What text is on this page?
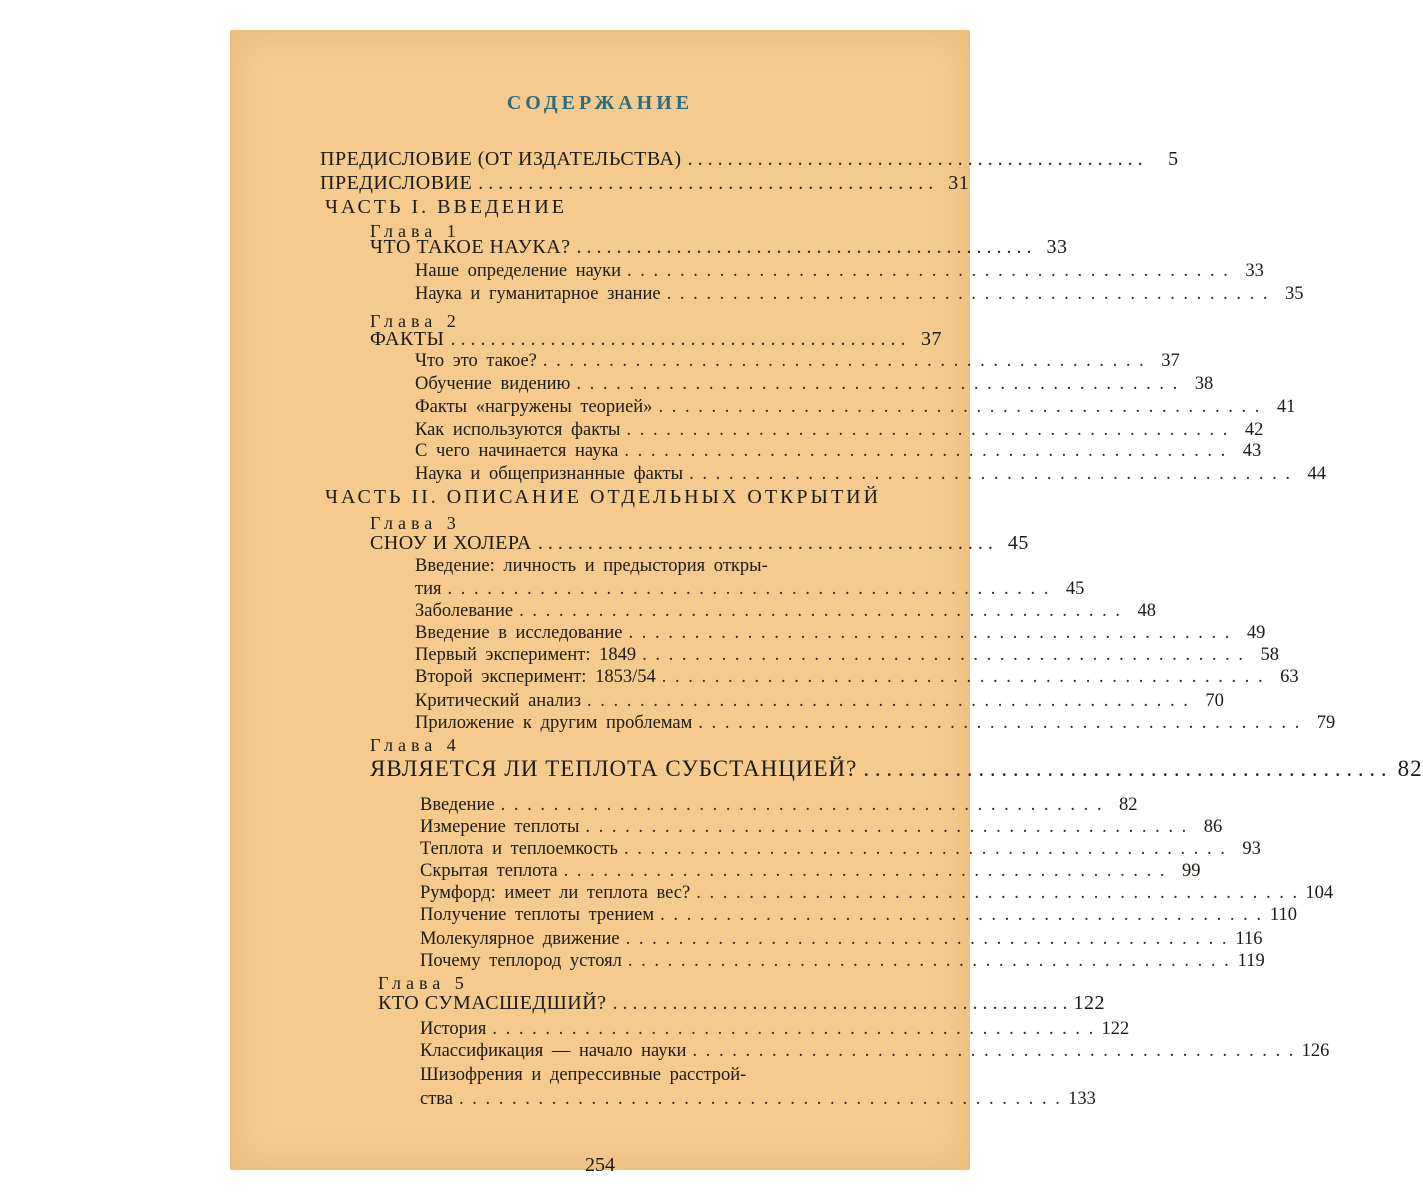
СОДЕРЖАНИЕ
ПРЕДИСЛОВИЕ (ОТ ИЗДАТЕЛЬСТВА) . . . . . . . . . . . . . . . . . . . . . . . . . . . . . . . . . . . . . . . . . . . . . .	5
ПРЕДИСЛОВИЕ . . . . . . . . . . . . . . . . . . . . . . . . . . . . . . . . . . . . . . . . . . . . . . 31
ЧАСТЬ I. ВВЕДЕНИЕ
Глава 1
ЧТО ТАКОЕ НАУКА? . . . . . . . . . . . . . . . . . . . . . . . . . . . . . . . . . . . . . . . . . . . . . . 33
Наше определение науки . . . . . . . . . . . . . . . . . . . . . . . . . . . . . . . . . . . . . . . . . . . . . . 33
Наука и гуманитарное знание . . . . . . . . . . . . . . . . . . . . . . . . . . . . . . . . . . . . . . . . . . . . . . 35
Глава 2
ФАКТЫ . . . . . . . . . . . . . . . . . . . . . . . . . . . . . . . . . . . . . . . . . . . . . . 37
Что это такое? . . . . . . . . . . . . . . . . . . . . . . . . . . . . . . . . . . . . . . . . . . . . . . 37
Обучение видению . . . . . . . . . . . . . . . . . . . . . . . . . . . . . . . . . . . . . . . . . . . . . . 38
Факты «нагружены теорией» . . . . . . . . . . . . . . . . . . . . . . . . . . . . . . . . . . . . . . . . . . . . . . 41
Как используются факты . . . . . . . . . . . . . . . . . . . . . . . . . . . . . . . . . . . . . . . . . . . . . . 42
С чего начинается наука . . . . . . . . . . . . . . . . . . . . . . . . . . . . . . . . . . . . . . . . . . . . . . 43
Наука и общепризнанные факты . . . . . . . . . . . . . . . . . . . . . . . . . . . . . . . . . . . . . . . . . . . . . . 44
ЧАСТЬ II. ОПИСАНИЕ ОТДЕЛЬНЫХ ОТКРЫТИЙ
Глава 3
СНОУ И ХОЛЕРА . . . . . . . . . . . . . . . . . . . . . . . . . . . . . . . . . . . . . . . . . . . . . . 45
Введение: личность и предыстория откры-
тия . . . . . . . . . . . . . . . . . . . . . . . . . . . . . . . . . . . . . . . . . . . . . . 45
Заболевание . . . . . . . . . . . . . . . . . . . . . . . . . . . . . . . . . . . . . . . . . . . . . . 48
Введение в исследование . . . . . . . . . . . . . . . . . . . . . . . . . . . . . . . . . . . . . . . . . . . . . . 49
Первый эксперимент: 1849 . . . . . . . . . . . . . . . . . . . . . . . . . . . . . . . . . . . . . . . . . . . . . . 58
Второй эксперимент: 1853/54 . . . . . . . . . . . . . . . . . . . . . . . . . . . . . . . . . . . . . . . . . . . . . . 63
Критический анализ . . . . . . . . . . . . . . . . . . . . . . . . . . . . . . . . . . . . . . . . . . . . . . 70
Приложение к другим проблемам . . . . . . . . . . . . . . . . . . . . . . . . . . . . . . . . . . . . . . . . . . . . . . 79
Глава 4
ЯВЛЯЕТСЯ ЛИ ТЕПЛОТА СУБСТАНЦИЕЙ? . . . . . . . . . . . . . . . . . . . . . . . . . . . . . . . . . . . . . . . . . . . . . . 82
Введение . . . . . . . . . . . . . . . . . . . . . . . . . . . . . . . . . . . . . . . . . . . . . . 82
Измерение теплоты . . . . . . . . . . . . . . . . . . . . . . . . . . . . . . . . . . . . . . . . . . . . . . 86
Теплота и теплоемкость . . . . . . . . . . . . . . . . . . . . . . . . . . . . . . . . . . . . . . . . . . . . . . 93
Скрытая теплота . . . . . . . . . . . . . . . . . . . . . . . . . . . . . . . . . . . . . . . . . . . . . . 99
Румфорд: имеет ли теплота вес? . . . . . . . . . . . . . . . . . . . . . . . . . . . . . . . . . . . . . . . . . . . . . . 104
Получение теплоты трением . . . . . . . . . . . . . . . . . . . . . . . . . . . . . . . . . . . . . . . . . . . . . . 110
Молекулярное движение . . . . . . . . . . . . . . . . . . . . . . . . . . . . . . . . . . . . . . . . . . . . . . 116
Почему теплород устоял . . . . . . . . . . . . . . . . . . . . . . . . . . . . . . . . . . . . . . . . . . . . . . 119
Глава 5
КТО СУМАСШЕДШИЙ? . . . . . . . . . . . . . . . . . . . . . . . . . . . . . . . . . . . . . . . . . . . . . . 122
История . . . . . . . . . . . . . . . . . . . . . . . . . . . . . . . . . . . . . . . . . . . . . . 122
Классификация — начало науки . . . . . . . . . . . . . . . . . . . . . . . . . . . . . . . . . . . . . . . . . . . . . . 126
Шизофрения и депрессивные расстрой-
ства . . . . . . . . . . . . . . . . . . . . . . . . . . . . . . . . . . . . . . . . . . . . . . 133
254
